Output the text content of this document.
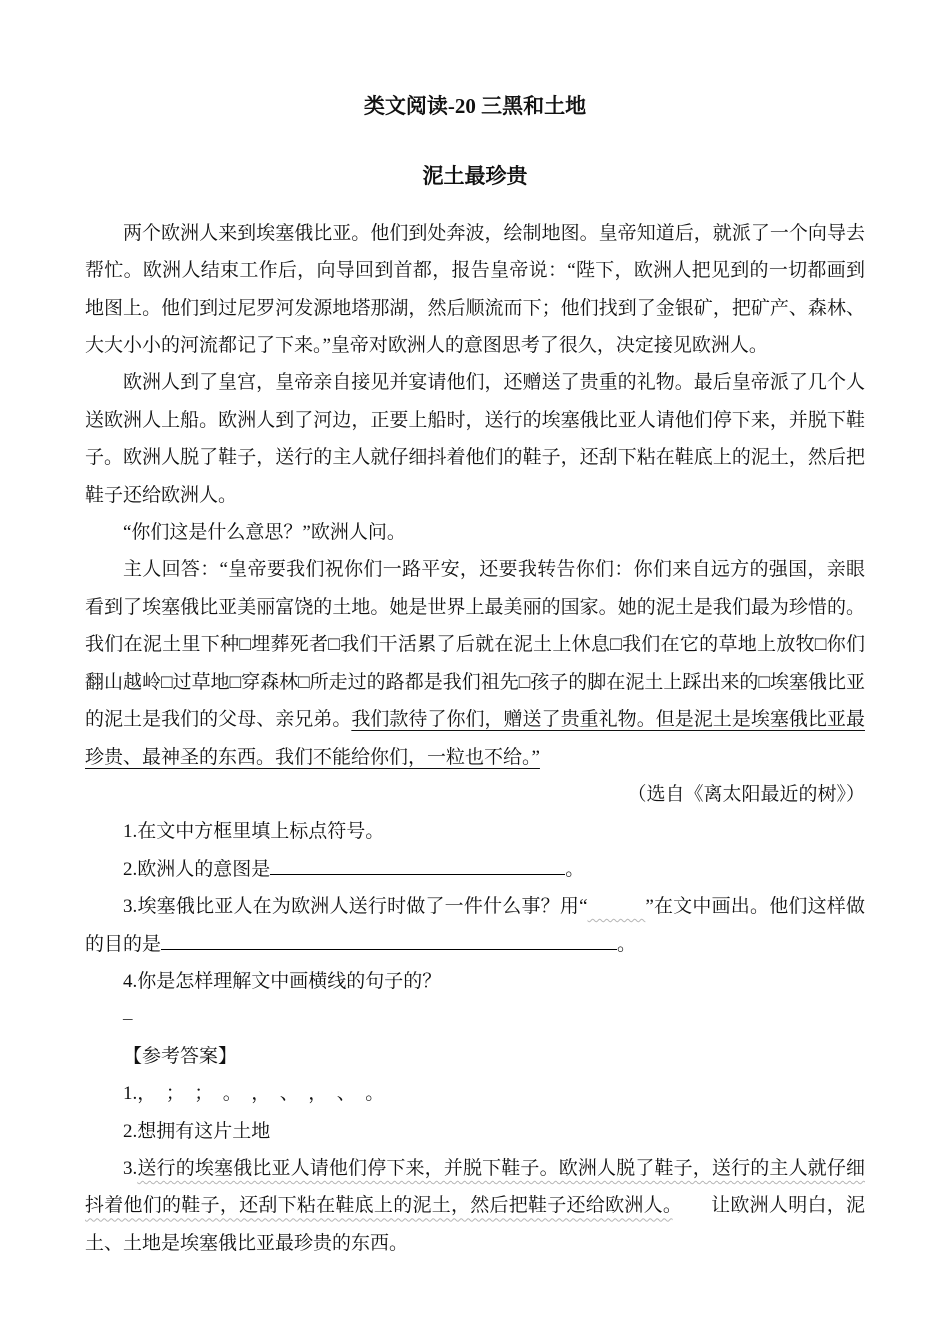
类文阅读-20 三黑和土地
泥土最珍贵

两个欧洲人来到埃塞俄比亚。他们到处奔波，绘制地图。皇帝知道后，就派了一个向导去帮忙。欧洲人结束工作后，向导回到首都，报告皇帝说：“陛下，欧洲人把见到的一切都画到地图上。他们到过尼罗河发源地塔那湖，然后顺流而下；他们找到了金银矿，把矿产、森林、大大小小的河流都记了下来。”皇帝对欧洲人的意图思考了很久，决定接见欧洲人。

欧洲人到了皇宫，皇帝亲自接见并宴请他们，还赠送了贵重的礼物。最后皇帝派了几个人送欧洲人上船。欧洲人到了河边，正要上船时，送行的埃塞俄比亚人请他们停下来，并脱下鞋子。欧洲人脱了鞋子，送行的主人就仔细抖着他们的鞋子，还刮下粘在鞋底上的泥土，然后把鞋子还给欧洲人。

“你们这是什么意思？”欧洲人问。

主人回答：“皇帝要我们祝你们一路平安，还要我转告你们：你们来自远方的强国，亲眼看到了埃塞俄比亚美丽富饶的土地。她是世界上最美丽的国家。她的泥土是我们最为珍惜的。我们在泥土里下种□埋葬死者□我们干活累了后就在泥土上休息□我们在它的草地上放牧□你们翻山越岭□过草地□穿森林□所走过的路都是我们祖先□孩子的脚在泥土上踩出来的□埃塞俄比亚的泥土是我们的父母、亲兄弟。我们款待了你们，赠送了贵重礼物。但是泥土是埃塞俄比亚最珍贵、最神圣的东西。我们不能给你们，一粒也不给。”

（选自《离太阳最近的树》）

1.在文中方框里填上标点符号。

2.欧洲人的意图是	。

3.埃塞俄比亚人在为欧洲人送行时做了一件什么事？用“　　　	”在文中画出。他们这样做的目的是	。

4.你是怎样理解文中画横线的句子的？

–

【参考答案】

1.，　；　；　。　，　、　，　、　。

2.想拥有这片土地

3.送行的埃塞俄比亚人请他们停下来，并脱下鞋子。欧洲人脱了鞋子，送行的主人就仔细抖着他们的鞋子，还刮下粘在鞋底上的泥土，然后把鞋子还给欧洲人。　　让欧洲人明白，泥土、土地是埃塞俄比亚最珍贵的东西。
